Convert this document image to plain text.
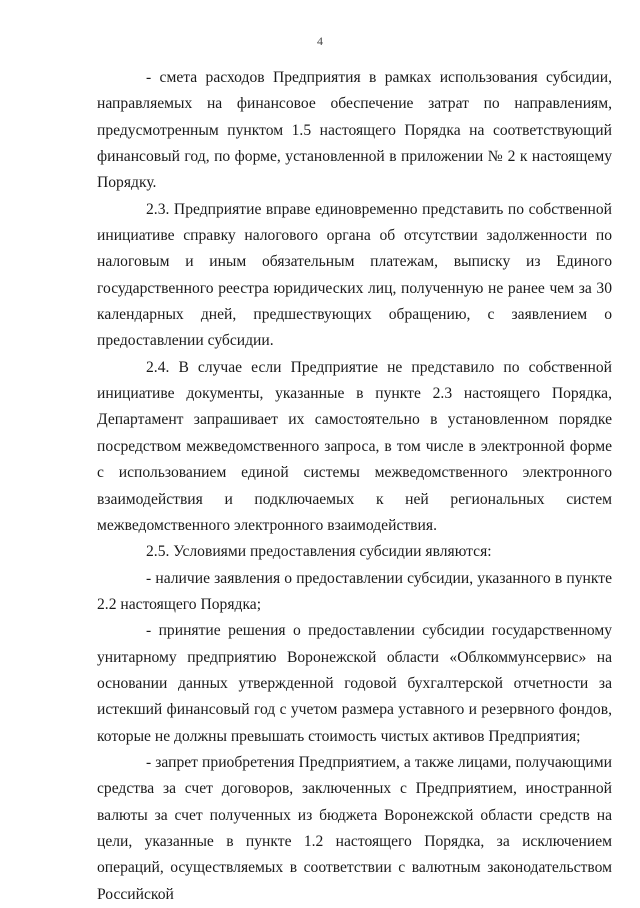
4

- смета расходов Предприятия в рамках использования субсидии, направляемых на финансовое обеспечение затрат по направлениям, предусмотренным пунктом 1.5 настоящего Порядка на соответствующий финансовый год, по форме, установленной в приложении № 2 к настоящему Порядку.

2.3. Предприятие вправе единовременно представить по собственной инициативе справку налогового органа об отсутствии задолженности по налоговым и иным обязательным платежам, выписку из Единого государственного реестра юридических лиц, полученную не ранее чем за 30 календарных дней, предшествующих обращению, с заявлением о предоставлении субсидии.

2.4. В случае если Предприятие не представило по собственной инициативе документы, указанные в пункте 2.3 настоящего Порядка, Департамент запрашивает их самостоятельно в установленном порядке посредством межведомственного запроса, в том числе в электронной форме с использованием единой системы межведомственного электронного взаимодействия и подключаемых к ней региональных систем межведомственного электронного взаимодействия.

2.5. Условиями предоставления субсидии являются:

- наличие заявления о предоставлении субсидии, указанного в пункте 2.2 настоящего Порядка;

- принятие решения о предоставлении субсидии государственному унитарному предприятию Воронежской области «Облкоммунсервис» на основании данных утвержденной годовой бухгалтерской отчетности за истекший финансовый год с учетом размера уставного и резервного фондов, которые не должны превышать стоимость чистых активов Предприятия;

- запрет приобретения Предприятием, а также лицами, получающими средства за счет договоров, заключенных с Предприятием, иностранной валюты за счет полученных из бюджета Воронежской области средств на цели, указанные в пункте 1.2 настоящего Порядка, за исключением операций, осуществляемых в соответствии с валютным законодательством Российской
